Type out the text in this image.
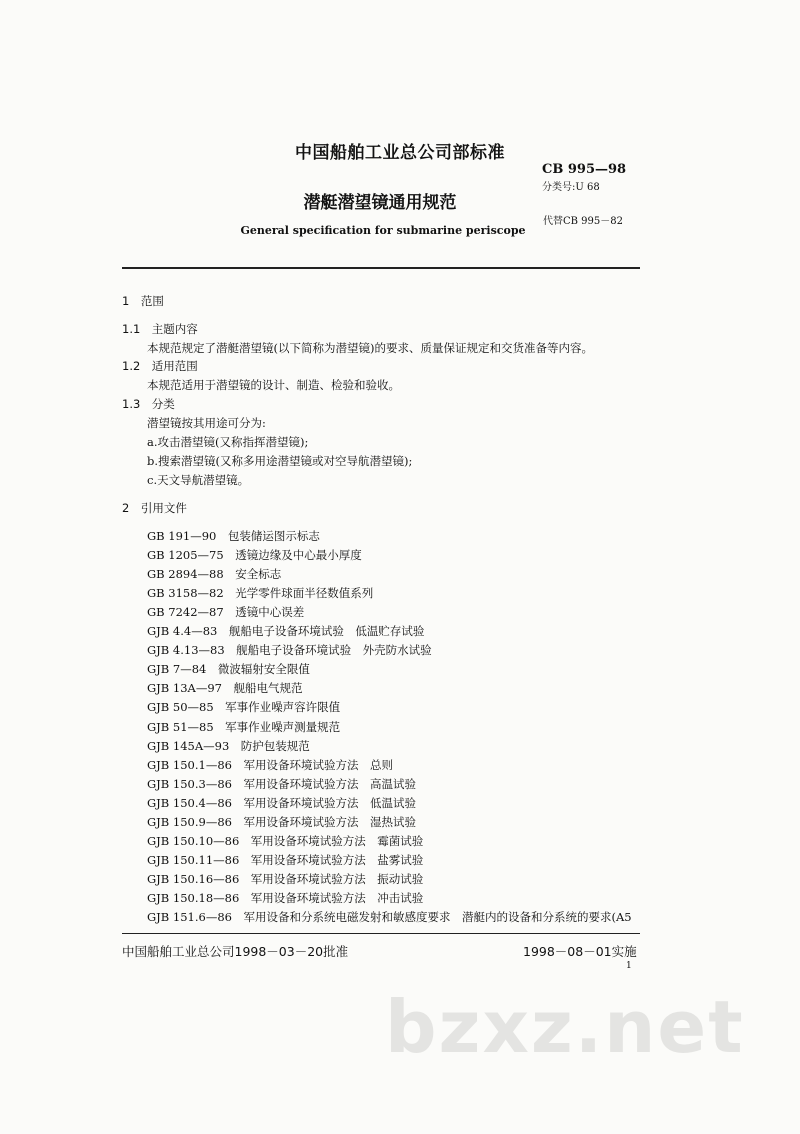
中国船舶工业总公司部标准
CB 995—98
分类号:U 68
潜艇潜望镜通用规范
代替CB 995－82
General specification for submarine periscope
1　范围
1.1　主题内容
本规范规定了潜艇潜望镜(以下简称为潜望镜)的要求、质量保证规定和交货准备等内容。
1.2　适用范围
本规范适用于潜望镜的设计、制造、检验和验收。
1.3　分类
潜望镜按其用途可分为:
a.攻击潜望镜(又称指挥潜望镜);
b.搜索潜望镜(又称多用途潜望镜或对空导航潜望镜);
c.天文导航潜望镜。
2　引用文件
GB 191—90　包装储运图示标志
GB 1205—75　透镜边缘及中心最小厚度
GB 2894—88　安全标志
GB 3158—82　光学零件球面半径数值系列
GB 7242—87　透镜中心误差
GJB 4.4—83　舰船电子设备环境试验　低温贮存试验
GJB 4.13—83　舰船电子设备环境试验　外壳防水试验
GJB 7—84　微波辐射安全限值
GJB 13A—97　舰船电气规范
GJB 50—85　军事作业噪声容许限值
GJB 51—85　军事作业噪声测量规范
GJB 145A—93　防护包装规范
GJB 150.1—86　军用设备环境试验方法　总则
GJB 150.3—86　军用设备环境试验方法　高温试验
GJB 150.4—86　军用设备环境试验方法　低温试验
GJB 150.9—86　军用设备环境试验方法　湿热试验
GJB 150.10—86　军用设备环境试验方法　霉菌试验
GJB 150.11—86　军用设备环境试验方法　盐雾试验
GJB 150.16—86　军用设备环境试验方法　振动试验
GJB 150.18—86　军用设备环境试验方法　冲击试验
GJB 151.6—86　军用设备和分系统电磁发射和敏感度要求　潜艇内的设备和分系统的要求(A5
中国船舶工业总公司1998－03－20批准	1998－08－01实施
1
bzxz.net
